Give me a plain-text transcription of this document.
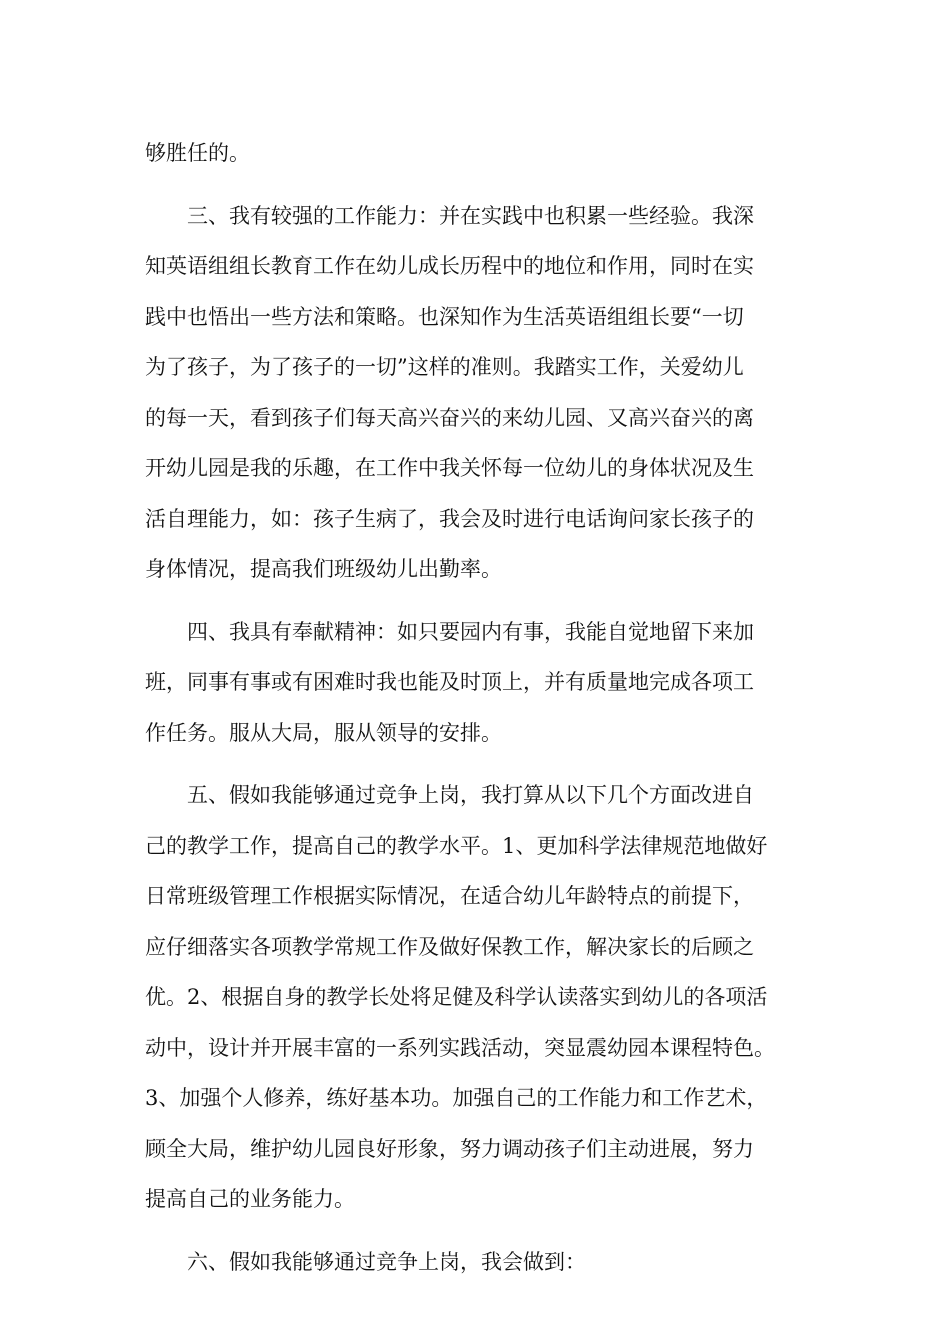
够胜任的。
三、我有较强的工作能力：并在实践中也积累一些经验。我深
知英语组组长教育工作在幼儿成长历程中的地位和作用，同时在实
践中也悟出一些方法和策略。也深知作为生活英语组组长要“一切
为了孩子，为了孩子的一切”这样的准则。我踏实工作，关爱幼儿
的每一天，看到孩子们每天高兴奋兴的来幼儿园、又高兴奋兴的离
开幼儿园是我的乐趣，在工作中我关怀每一位幼儿的身体状况及生
活自理能力，如：孩子生病了，我会及时进行电话询问家长孩子的
身体情况，提高我们班级幼儿出勤率。
四、我具有奉献精神：如只要园内有事，我能自觉地留下来加
班，同事有事或有困难时我也能及时顶上，并有质量地完成各项工
作任务。服从大局，服从领导的安排。
五、假如我能够通过竞争上岗，我打算从以下几个方面改进自
己的教学工作，提高自己的教学水平。1、更加科学法律规范地做好
日常班级管理工作根据实际情况，在适合幼儿年龄特点的前提下，
应仔细落实各项教学常规工作及做好保教工作，解决家长的后顾之
优。2、根据自身的教学长处将足健及科学认读落实到幼儿的各项活
动中，设计并开展丰富的一系列实践活动，突显震幼园本课程特色。
3、加强个人修养，练好基本功。加强自己的工作能力和工作艺术，
顾全大局，维护幼儿园良好形象，努力调动孩子们主动进展，努力
提高自己的业务能力。
六、假如我能够通过竞争上岗，我会做到：
